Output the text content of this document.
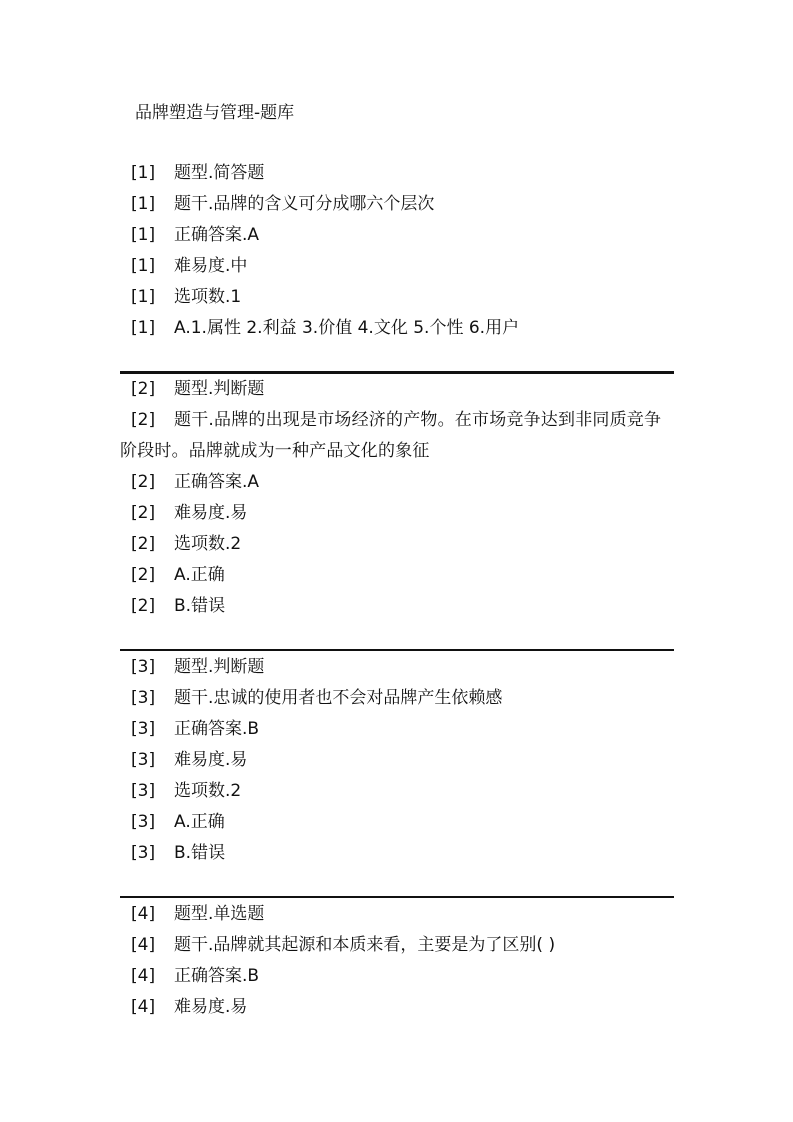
品牌塑造与管理-题库
[1] 题型.简答题
[1] 题干.品牌的含义可分成哪六个层次
[1] 正确答案.A
[1] 难易度.中
[1] 选项数.1
[1] A.1.属性 2.利益 3.价值 4.文化 5.个性 6.用户
[2] 题型.判断题
[2]	题干.品牌的出现是市场经济的产物。在市场竞争达到非同质竞争阶段时。品牌就成为一种产品文化的象征
[2] 正确答案.A
[2] 难易度.易
[2] 选项数.2
[2] A.正确
[2] B.错误
[3] 题型.判断题
[3] 题干.忠诚的使用者也不会对品牌产生依赖感
[3] 正确答案.B
[3] 难易度.易
[3] 选项数.2
[3] A.正确
[3] B.错误
[4] 题型.单选题
[4] 题干.品牌就其起源和本质来看，主要是为了区别( )
[4] 正确答案.B
[4] 难易度.易
